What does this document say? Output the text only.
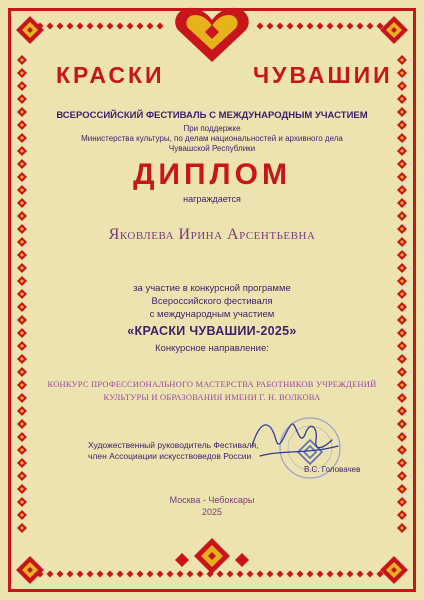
КРАСКИ	ЧУВАШИИ
ВСЕРОССИЙСКИЙ ФЕСТИВАЛЬ С МЕЖДУНАРОДНЫМ УЧАСТИЕМ
При поддержке
Министерства культуры, по делам национальностей и архивного дела
Чувашской Республики
ДИПЛОМ
награждается
Яковлева Ирина Арсентьевна
за участие в конкурсной программе
Всероссийского фестиваля
с международным участием
«КРАСКИ ЧУВАШИИ-2025»
Конкурсное направление:
КОНКУРС ПРОФЕССИОНАЛЬНОГО МАСТЕРСТВА РАБОТНИКОВ УЧРЕЖДЕНИЙ
КУЛЬТУРЫ И ОБРАЗОВАНИЯ ИМЕНИ Г. Н. ВОЛКОВА
Художественный руководитель Фестиваля,
член Ассоциации искусствоведов России
В.С. Головачев
Москва - Чебоксары
2025
